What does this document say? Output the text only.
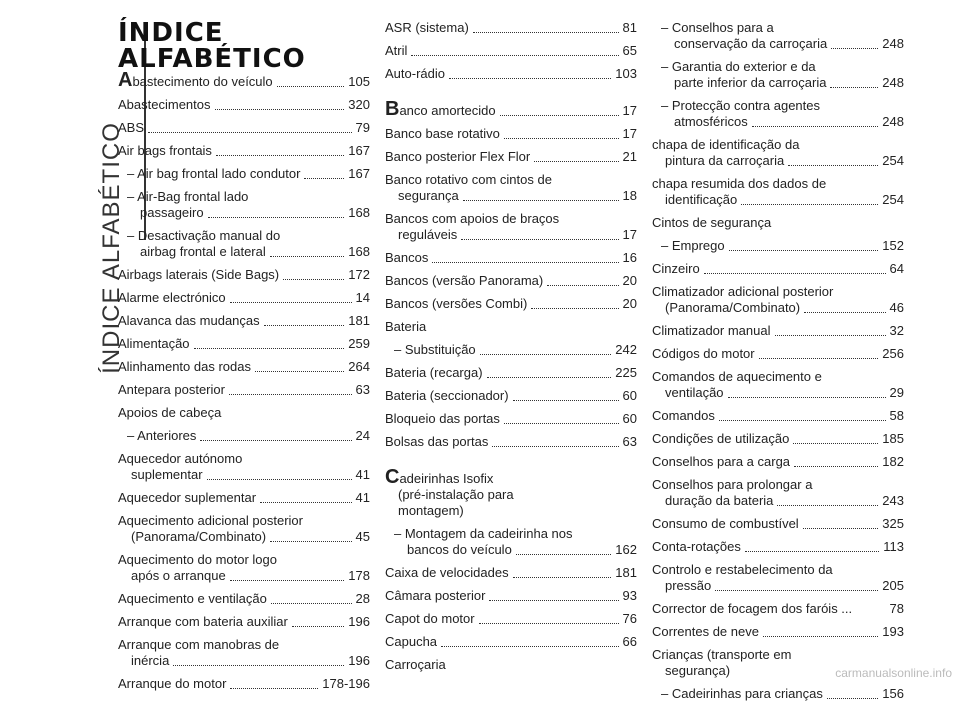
ÍNDICE ALFABÉTICO
ÍNDICE
ALFABÉTICO
Abastecimento do veículo	105
Abastecimentos	320
ABS	79
Air bags frontais	167
– Air bag frontal lado condutor	167
– Air-Bag frontal lado
passageiro	168
– Desactivação manual do
airbag frontal e lateral	168
Airbags laterais (Side Bags)	172
Alarme electrónico	14
Alavanca das mudanças	181
Alimentação	259
Alinhamento das rodas	264
Antepara posterior	63
Apoios de cabeça
– Anteriores	24
Aquecedor autónomo
suplementar	41
Aquecedor suplementar	41
Aquecimento adicional posterior
(Panorama/Combinato)	45
Aquecimento do motor logo
após o arranque	178
Aquecimento e ventilação	28
Arranque com bateria auxiliar	196
Arranque com manobras de
inércia	196
Arranque do motor	178-196
ASR (sistema)	81
Atril	65
Auto-rádio	103
Banco amortecido	17
Banco base rotativo	17
Banco posterior Flex Flor	21
Banco rotativo com cintos de
segurança	18
Bancos com apoios de braços
reguláveis	17
Bancos	16
Bancos (versão Panorama)	20
Bancos (versões Combi)	20
Bateria
– Substituição	242
Bateria (recarga)	225
Bateria (seccionador)	60
Bloqueio das portas	60
Bolsas das portas	63
Cadeirinhas Isofix
(pré-instalação para
montagem)
– Montagem da cadeirinha nos
bancos do veículo	162
Caixa de velocidades	181
Câmara posterior	93
Capot do motor	76
Capucha	66
Carroçaria
– Conselhos para a
conservação da carroçaria	248
– Garantia do exterior e da
parte inferior da carroçaria	248
– Protecção contra agentes
atmosféricos	248
chapa de identificação da
pintura da carroçaria	254
chapa resumida dos dados de
identificação	254
Cintos de segurança
– Emprego	152
Cinzeiro	64
Climatizador adicional posterior
(Panorama/Combinato)	46
Climatizador manual	32
Códigos do motor	256
Comandos de aquecimento e
ventilação	29
Comandos	58
Condições de utilização	185
Conselhos para a carga	182
Conselhos para prolongar a
duração da bateria	243
Consumo de combustível	325
Conta-rotações	113
Controlo e restabelecimento da
pressão	205
Corrector de focagem dos faróis ...	78
Correntes de neve	193
Crianças (transporte em
segurança)
– Cadeirinhas para crianças	156
carmanualsonline.info
